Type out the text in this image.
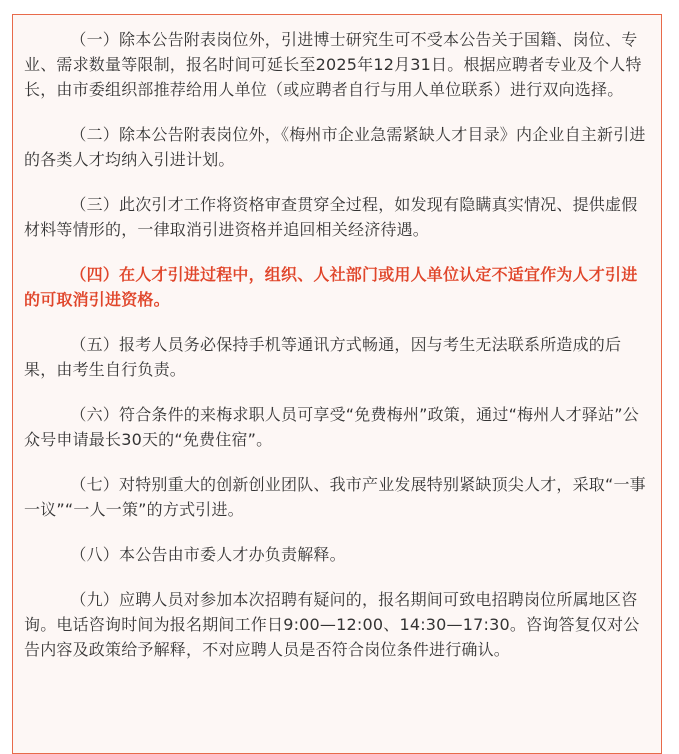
（一）除本公告附表岗位外，引进博士研究生可不受本公告关于国籍、岗位、专业、需求数量等限制，报名时间可延长至2025年12月31日。根据应聘者专业及个人特长，由市委组织部推荐给用人单位（或应聘者自行与用人单位联系）进行双向选择。

（二）除本公告附表岗位外，《梅州市企业急需紧缺人才目录》内企业自主新引进的各类人才均纳入引进计划。

（三）此次引才工作将资格审查贯穿全过程，如发现有隐瞒真实情况、提供虚假材料等情形的，一律取消引进资格并追回相关经济待遇。

（四）在人才引进过程中，组织、人社部门或用人单位认定不适宜作为人才引进的可取消引进资格。

（五）报考人员务必保持手机等通讯方式畅通，因与考生无法联系所造成的后果，由考生自行负责。

（六）符合条件的来梅求职人员可享受“免费梅州”政策，通过“梅州人才驿站”公众号申请最长30天的“免费住宿”。

（七）对特别重大的创新创业团队、我市产业发展特别紧缺顶尖人才，采取“一事一议”“一人一策”的方式引进。

（八）本公告由市委人才办负责解释。

（九）应聘人员对参加本次招聘有疑问的，报名期间可致电招聘岗位所属地区咨询。电话咨询时间为报名期间工作日9:00—12:00、14:30—17:30。咨询答复仅对公告内容及政策给予解释，不对应聘人员是否符合岗位条件进行确认。
